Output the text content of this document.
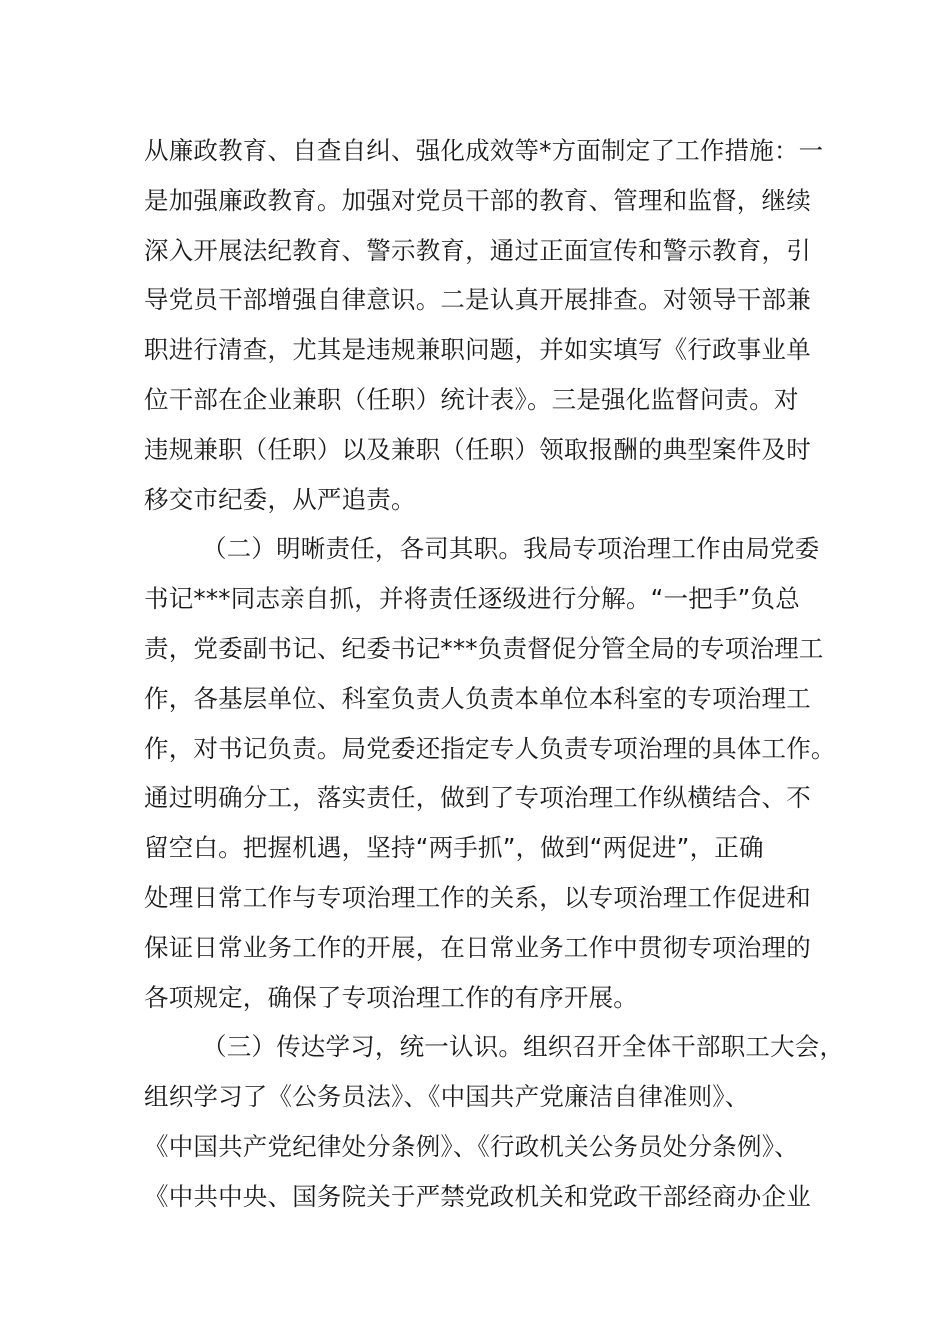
从廉政教育、自查自纠、强化成效等*方面制定了工作措施：一
是加强廉政教育。加强对党员干部的教育、管理和监督，继续
深入开展法纪教育、警示教育，通过正面宣传和警示教育，引
导党员干部增强自律意识。二是认真开展排查。对领导干部兼
职进行清查，尤其是违规兼职问题，并如实填写《行政事业单
位干部在企业兼职（任职）统计表》。三是强化监督问责。对
违规兼职（任职）以及兼职（任职）领取报酬的典型案件及时
移交市纪委，从严追责。
（二）明晰责任，各司其职。我局专项治理工作由局党委
书记***同志亲自抓，并将责任逐级进行分解。“一把手”负总
责，党委副书记、纪委书记***负责督促分管全局的专项治理工
作，各基层单位、科室负责人负责本单位本科室的专项治理工
作，对书记负责。局党委还指定专人负责专项治理的具体工作。
通过明确分工，落实责任，做到了专项治理工作纵横结合、不
留空白。把握机遇，坚持“两手抓”，做到“两促进”，正确
处理日常工作与专项治理工作的关系，以专项治理工作促进和
保证日常业务工作的开展，在日常业务工作中贯彻专项治理的
各项规定，确保了专项治理工作的有序开展。
（三）传达学习，统一认识。组织召开全体干部职工大会，
组织学习了《公务员法》、《中国共产党廉洁自律准则》、
《中国共产党纪律处分条例》、《行政机关公务员处分条例》、
《中共中央、国务院关于严禁党政机关和党政干部经商办企业
